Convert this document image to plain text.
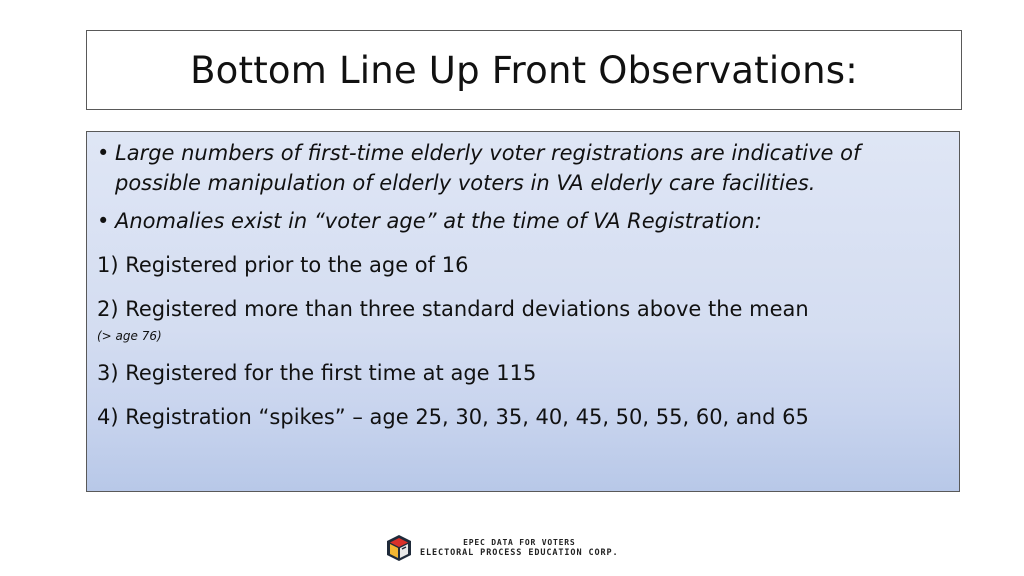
Bottom Line Up Front Observations:
• Large numbers of first-time elderly voter registrations are indicative of possible manipulation of elderly voters in VA elderly care facilities.
• Anomalies exist in “voter age” at the time of VA Registration:
1) Registered prior to the age of 16
2) Registered more than three standard deviations above the mean
(> age 76)
3) Registered for the first time at age 115
4) Registration “spikes” – age 25, 30, 35, 40, 45, 50, 55, 60, and 65
EPEC DATA FOR VOTERS
ELECTORAL PROCESS EDUCATION CORP.
